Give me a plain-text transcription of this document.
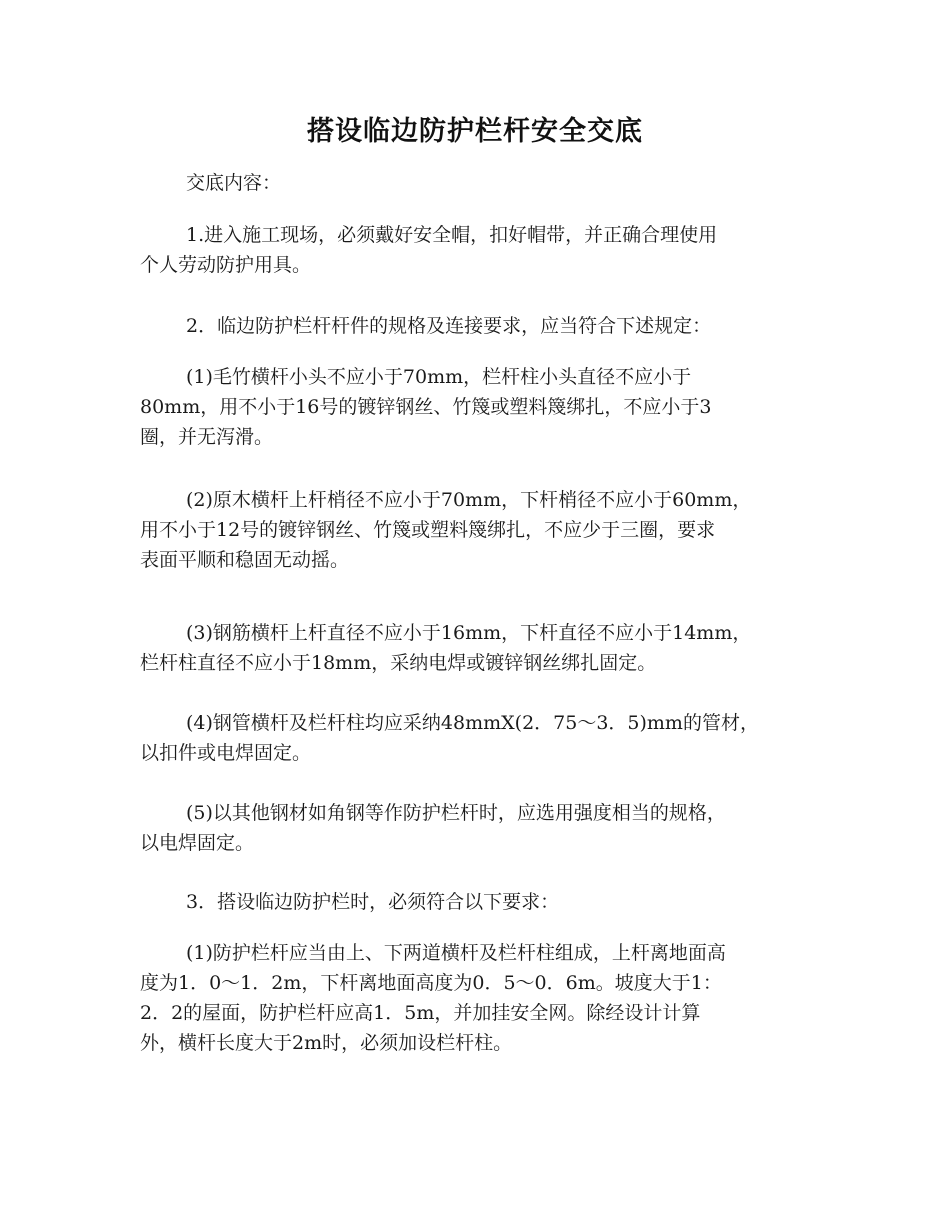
搭设临边防护栏杆安全交底
交底内容：
1.进入施工现场，必须戴好安全帽，扣好帽带，并正确合理使用
个人劳动防护用具。
2．临边防护栏杆杆件的规格及连接要求，应当符合下述规定：
(1)毛竹横杆小头不应小于70mm，栏杆柱小头直径不应小于
80mm，用不小于16号的镀锌钢丝、竹篾或塑料篾绑扎，不应小于3
圈，并无泻滑。
(2)原木横杆上杆梢径不应小于70mm，下杆梢径不应小于60mm，
用不小于12号的镀锌钢丝、竹篾或塑料篾绑扎，不应少于三圈，要求
表面平顺和稳固无动摇。
(3)钢筋横杆上杆直径不应小于16mm，下杆直径不应小于14mm，
栏杆柱直径不应小于18mm，采纳电焊或镀锌钢丝绑扎固定。
(4)钢管横杆及栏杆柱均应采纳48mmX(2．75～3．5)mm的管材，
以扣件或电焊固定。
(5)以其他钢材如角钢等作防护栏杆时，应选用强度相当的规格，
以电焊固定。
3．搭设临边防护栏时，必须符合以下要求：
(1)防护栏杆应当由上、下两道横杆及栏杆柱组成，上杆离地面高
度为1．0～1．2m，下杆离地面高度为0．5～0．6m。坡度大于1：
2．2的屋面，防护栏杆应高1．5m，并加挂安全网。除经设计计算
外，横杆长度大于2m时，必须加设栏杆柱。
